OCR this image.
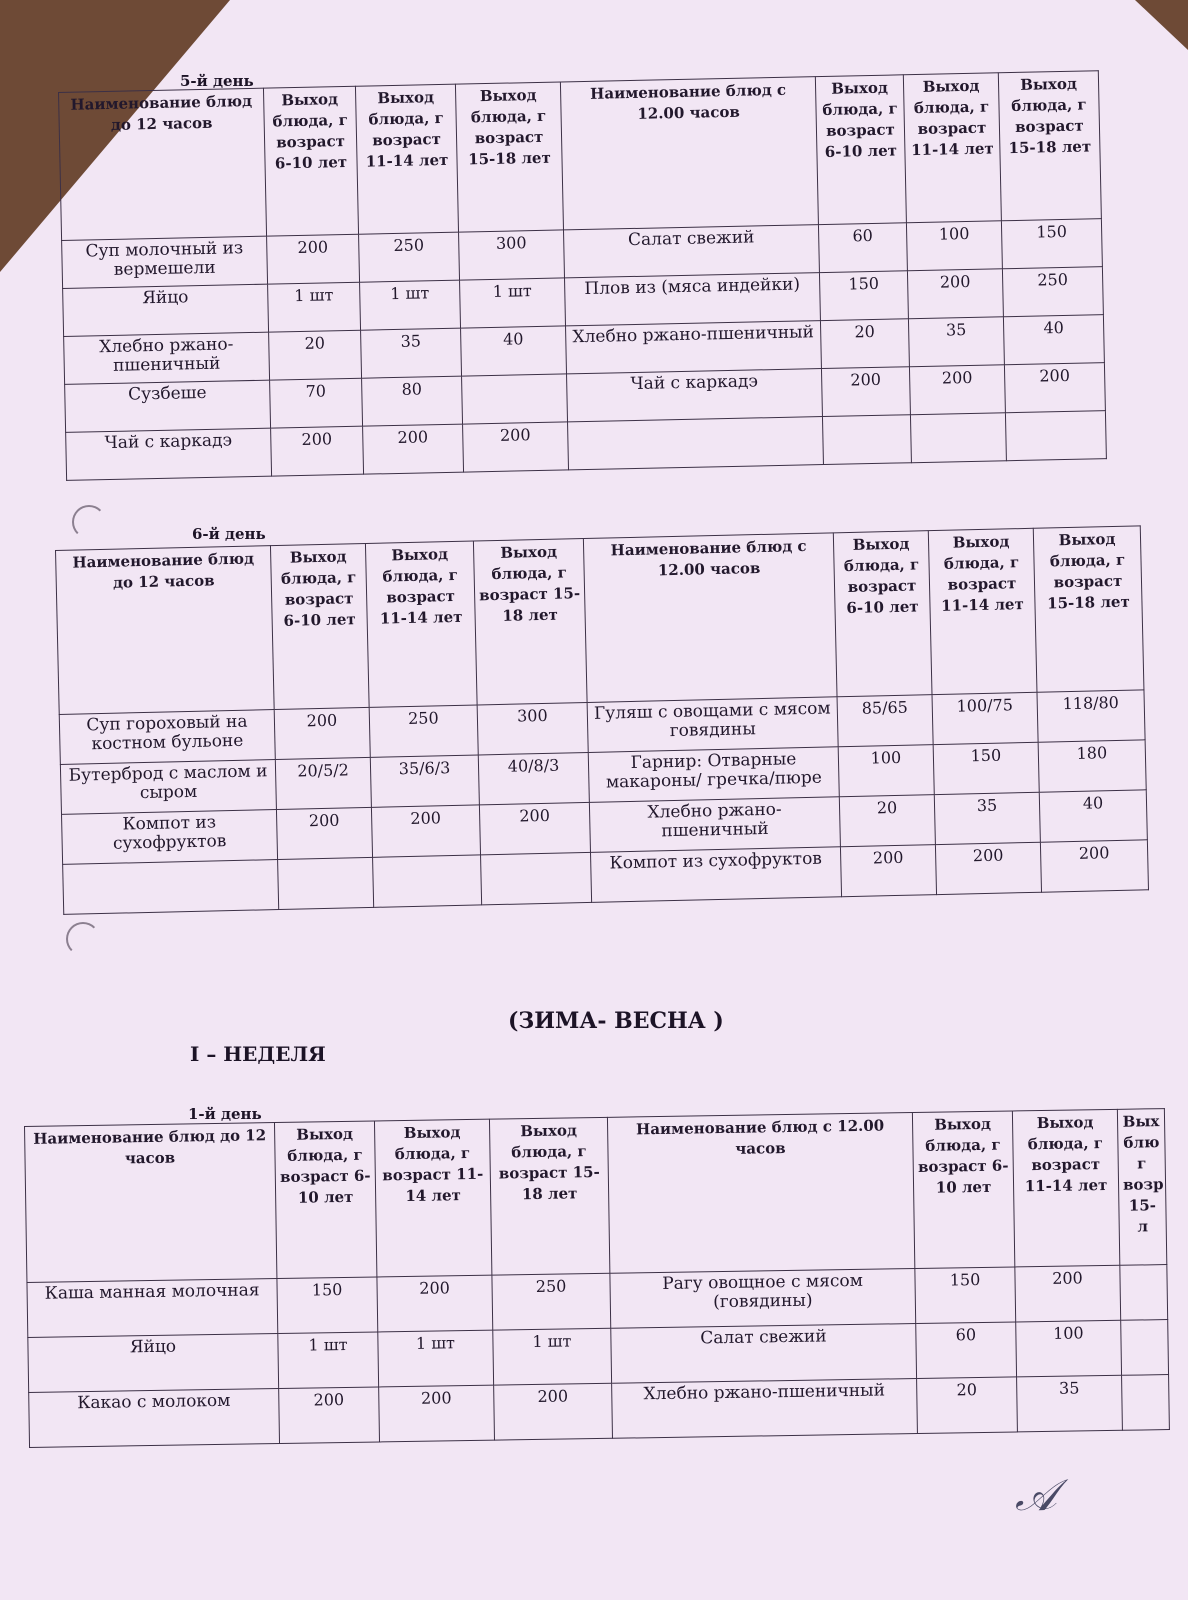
5-й день
Наименование блюд до 12 часов	Выход блюда, г возраст 6-10 лет	Выход блюда, г возраст 11-14 лет	Выход блюда, г возраст 15-18 лет	Наименование блюд с 12.00 часов	Выход блюда, г возраст 6-10 лет	Выход блюда, г возраст 11-14 лет	Выход блюда, г возраст 15-18 лет
Суп молочный из вермешели	200	250	300	Салат свежий	60	100	150
Яйцо	1 шт	1 шт	1 шт	Плов из (мяса индейки)	150	200	250
Хлебно ржано-пшеничный	20	35	40	Хлебно ржано-пшеничный	20	35	40
Сузбеше	70	80		Чай с каркадэ	200	200	200
Чай с каркадэ	200	200	200				
6-й день
Наименование блюд до 12 часов	Выход блюда, г возраст 6-10 лет	Выход блюда, г возраст 11-14 лет	Выход блюда, г возраст 15-18 лет	Наименование блюд с 12.00 часов	Выход блюда, г возраст 6-10 лет	Выход блюда, г возраст 11-14 лет	Выход блюда, г возраст 15-18 лет
Суп гороховый на костном бульоне	200	250	300	Гуляш с овощами с мясом говядины	85/65	100/75	118/80
Бутерброд с маслом и сыром	20/5/2	35/6/3	40/8/3	Гарнир: Отварные макароны/ гречка/пюре	100	150	180
Компот из сухофруктов	200	200	200	Хлебно ржано-пшеничный	20	35	40
				Компот из сухофруктов	200	200	200
(ЗИМА- ВЕСНА )
I – НЕДЕЛЯ
1-й день
Наименование блюд до 12 часов	Выход блюда, г возраст 6-10 лет	Выход блюда, г возраст 11-14 лет	Выход блюда, г возраст 15-18 лет	Наименование блюд с 12.00 часов	Выход блюда, г возраст 6-10 лет	Выход блюда, г возраст 11-14 лет	Вых блю г возр 15- л
Каша манная молочная	150	200	250	Рагу овощное с мясом (говядины)	150	200	
Яйцо	1 шт	1 шт	1 шт	Салат свежий	60	100	
Какао с молоком	200	200	200	Хлебно ржано-пшеничный	20	35	
𝒜
